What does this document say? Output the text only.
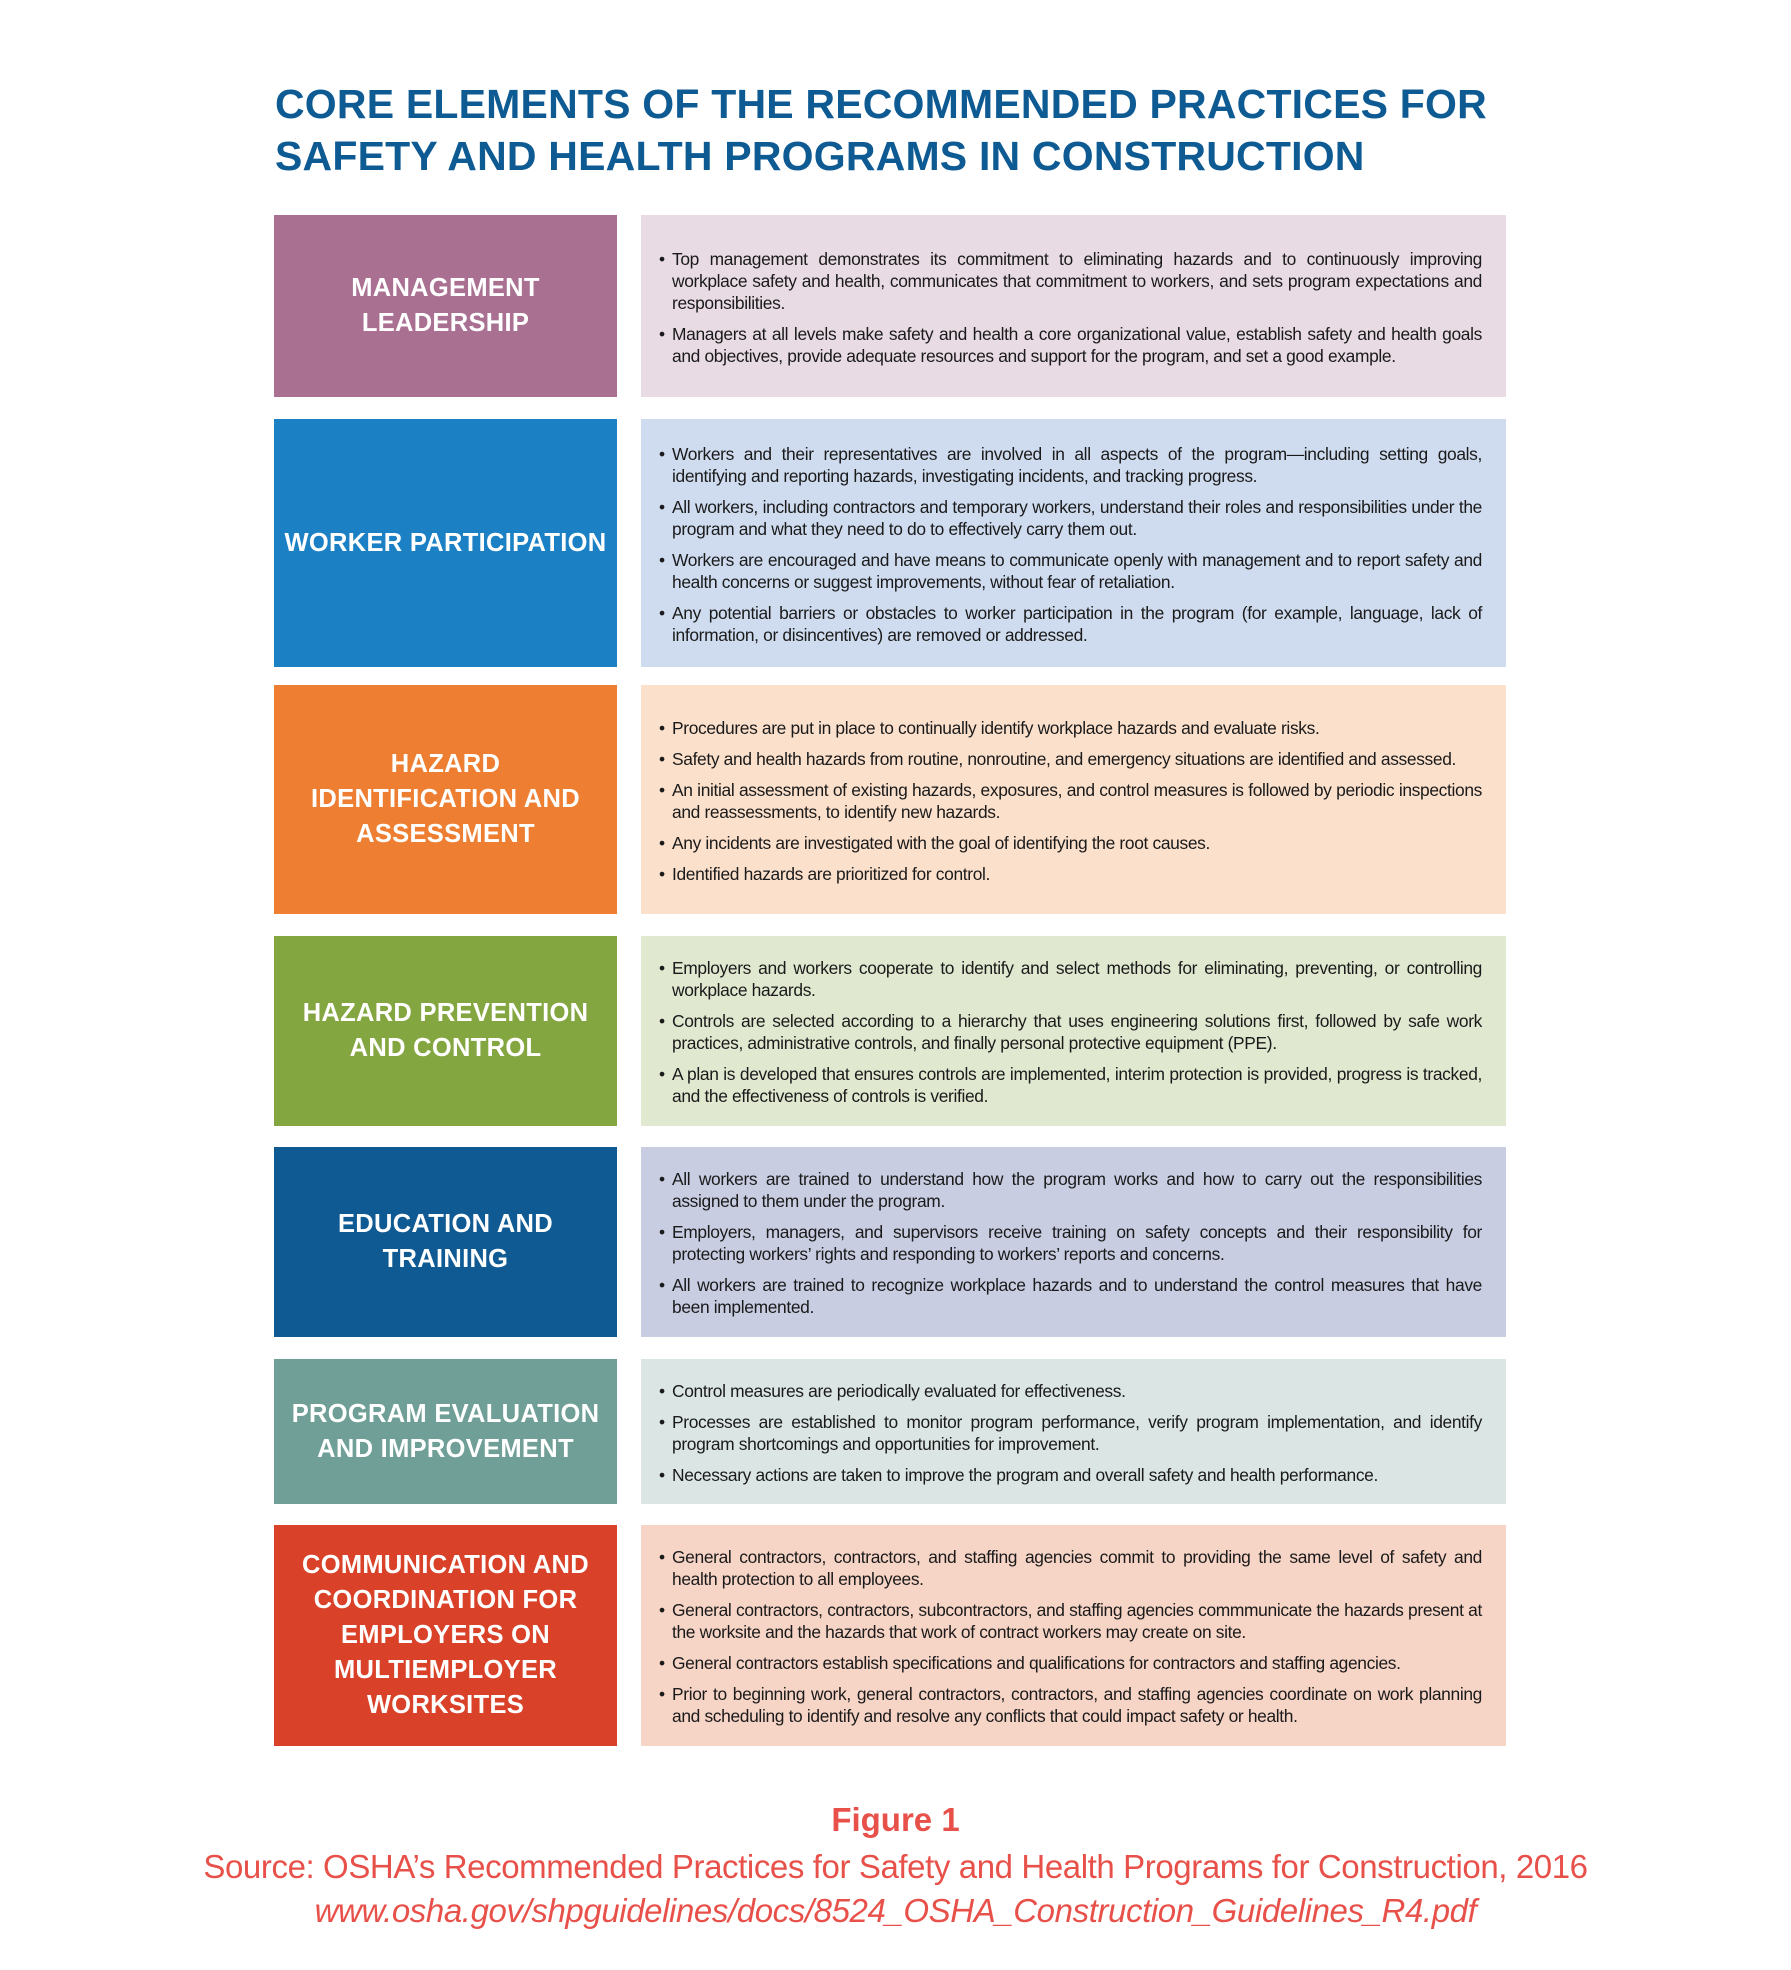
CORE ELEMENTS OF THE RECOMMENDED PRACTICES FOR
SAFETY AND HEALTH PROGRAMS IN CONSTRUCTION
MANAGEMENT LEADERSHIP
• Top management demonstrates its commitment to eliminating hazards and to continuously improving workplace safety and health, communicates that commitment to workers, and sets program expectations and responsibilities.
• Managers at all levels make safety and health a core organizational value, establish safety and health goals and objectives, provide adequate resources and support for the program, and set a good example.
WORKER PARTICIPATION
• Workers and their representatives are involved in all aspects of the program—including setting goals, identifying and reporting hazards, investigating incidents, and tracking progress.
• All workers, including contractors and temporary workers, understand their roles and responsibilities under the program and what they need to do to effectively carry them out.
• Workers are encouraged and have means to communicate openly with management and to report safety and health concerns or suggest improvements, without fear of retaliation.
• Any potential barriers or obstacles to worker participation in the program (for example, language, lack of information, or disincentives) are removed or addressed.
HAZARD IDENTIFICATION AND ASSESSMENT
• Procedures are put in place to continually identify workplace hazards and evaluate risks.
• Safety and health hazards from routine, nonroutine, and emergency situations are identified and assessed.
• An initial assessment of existing hazards, exposures, and control measures is followed by periodic inspections and reassessments, to identify new hazards.
• Any incidents are investigated with the goal of identifying the root causes.
• Identified hazards are prioritized for control.
HAZARD PREVENTION AND CONTROL
• Employers and workers cooperate to identify and select methods for eliminating, preventing, or controlling workplace hazards.
• Controls are selected according to a hierarchy that uses engineering solutions first, followed by safe work practices, administrative controls, and finally personal protective equipment (PPE).
• A plan is developed that ensures controls are implemented, interim protection is provided, progress is tracked, and the effectiveness of controls is verified.
EDUCATION AND TRAINING
• All workers are trained to understand how the program works and how to carry out the responsibilities assigned to them under the program.
• Employers, managers, and supervisors receive training on safety concepts and their responsibility for protecting workers’ rights and responding to workers’ reports and concerns.
• All workers are trained to recognize workplace hazards and to understand the control measures that have been implemented.
PROGRAM EVALUATION AND IMPROVEMENT
• Control measures are periodically evaluated for effectiveness.
• Processes are established to monitor program performance, verify program implementation, and identify program shortcomings and opportunities for improvement.
• Necessary actions are taken to improve the program and overall safety and health performance.
COMMUNICATION AND COORDINATION FOR EMPLOYERS ON MULTIEMPLOYER WORKSITES
• General contractors, contractors, and staffing agencies commit to providing the same level of safety and health protection to all employees.
• General contractors, contractors, subcontractors, and staffing agencies commmunicate the hazards present at the worksite and the hazards that work of contract workers may create on site.
• General contractors establish specifications and qualifications for contractors and staffing agencies.
• Prior to beginning work, general contractors, contractors, and staffing agencies coordinate on work planning and scheduling to identify and resolve any conflicts that could impact safety or health.
Figure 1
Source: OSHA’s Recommended Practices for Safety and Health Programs for Construction, 2016
www.osha.gov/shpguidelines/docs/8524_OSHA_Construction_Guidelines_R4.pdf
